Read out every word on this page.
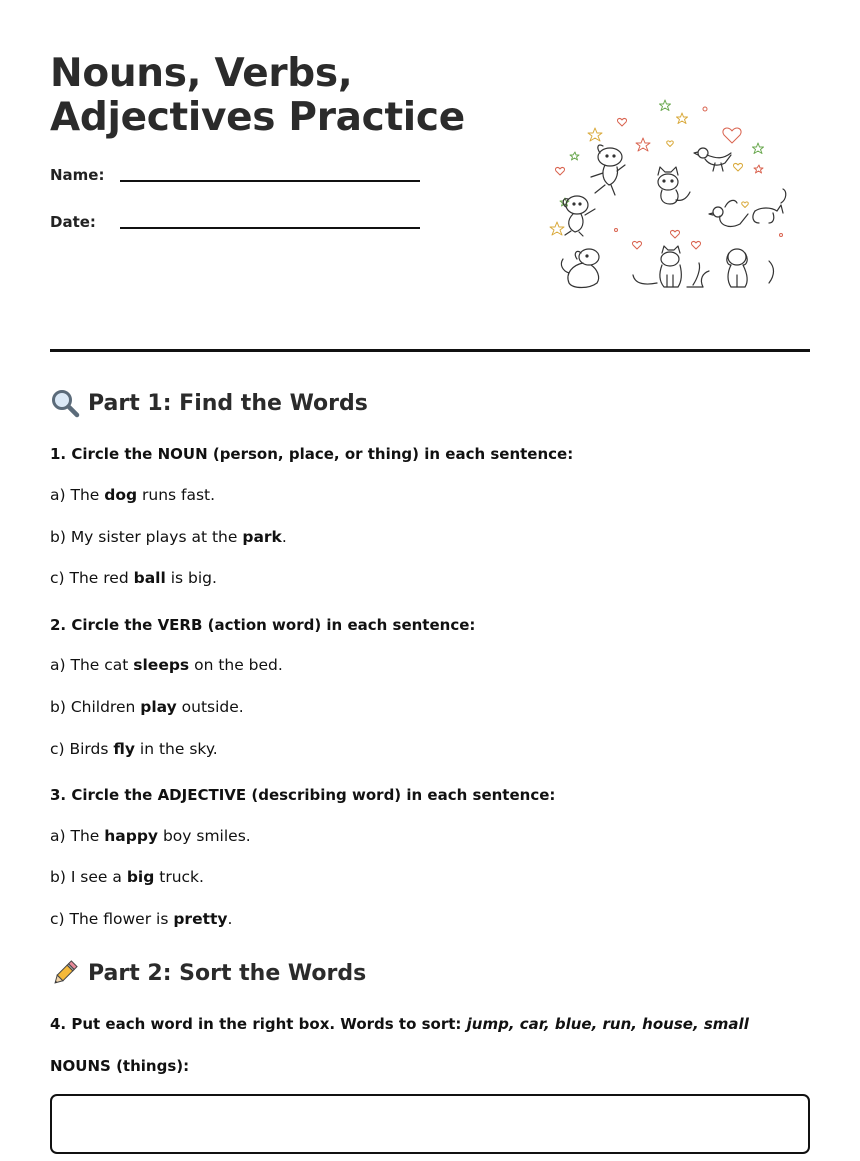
Nouns, Verbs,
Adjectives Practice
Name:
Date:
Part 1: Find the Words
1. Circle the NOUN (person, place, or thing) in each sentence:
a) The dog runs fast.
b) My sister plays at the park.
c) The red ball is big.
2. Circle the VERB (action word) in each sentence:
a) The cat sleeps on the bed.
b) Children play outside.
c) Birds fly in the sky.
3. Circle the ADJECTIVE (describing word) in each sentence:
a) The happy boy smiles.
b) I see a big truck.
c) The flower is pretty.
Part 2: Sort the Words
4. Put each word in the right box. Words to sort: jump, car, blue, run, house, small
NOUNS (things):
